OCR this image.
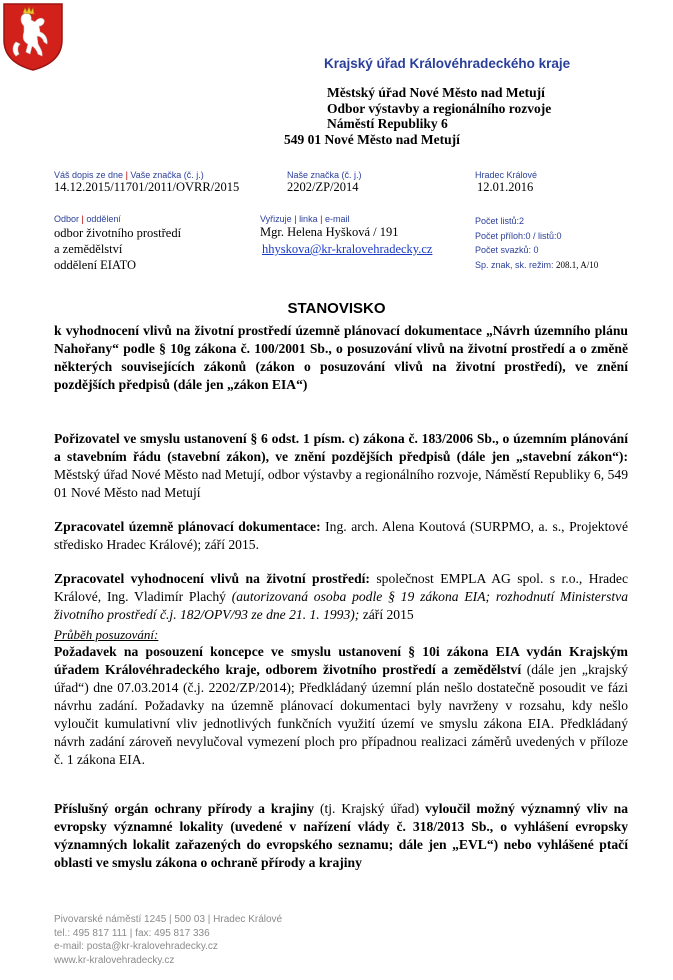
Krajský úřad Královéhradeckého kraje
Městský úřad Nové Město nad Metují
Odbor výstavby a regionálního rozvoje
Náměstí Republiky 6
549 01 Nové Město nad Metují
Váš dopis ze dne | Vaše značka (č. j.)
14.12.2015/11701/2011/OVRR/2015
Naše značka (č. j.)
2202/ZP/2014
Hradec Králové
12.01.2016
Odbor | oddělení
odbor životního prostředí
a zemědělství
oddělení EIATO
Vyřizuje | linka | e-mail
Mgr. Helena Hyšková / 191
hhyskova@kr-kralovehradecky.cz
Počet listů:2
Počet příloh:0 / listů:0
Počet svazků: 0
Sp. znak, sk. režim: 208.1, A/10
STANOVISKO
k vyhodnocení vlivů na životní prostředí územně plánovací dokumentace „Návrh územního plánu Nahořany“ podle § 10g zákona č. 100/2001 Sb., o posuzování vlivů na životní prostředí a o změně některých souvisejících zákonů (zákon o posuzování vlivů na životní prostředí), ve znění pozdějších předpisů (dále jen „zákon EIA“)
Pořizovatel ve smyslu ustanovení § 6 odst. 1 písm. c) zákona č. 183/2006 Sb., o územním plánování a stavebním řádu (stavební zákon), ve znění pozdějších předpisů (dále jen „stavební zákon“): Městský úřad Nové Město nad Metují, odbor výstavby a regionálního rozvoje, Náměstí Republiky 6, 549 01 Nové Město nad Metují
Zpracovatel územně plánovací dokumentace: Ing. arch. Alena Koutová (SURPMO, a. s., Projektové středisko Hradec Králové); září 2015.
Zpracovatel vyhodnocení vlivů na životní prostředí: společnost EMPLA AG spol. s r.o., Hradec Králové, Ing. Vladimír Plachý (autorizovaná osoba podle § 19 zákona EIA; rozhodnutí Ministerstva životního prostředí č.j. 182/OPV/93 ze dne 21. 1. 1993); září 2015
Průběh posuzování:
Požadavek na posouzení koncepce ve smyslu ustanovení § 10i zákona EIA vydán Krajským úřadem Královéhradeckého kraje, odborem životního prostředí a zemědělství (dále jen „krajský úřad“) dne 07.03.2014 (č.j. 2202/ZP/2014); Předkládaný územní plán nešlo dostatečně posoudit ve fázi návrhu zadání. Požadavky na územně plánovací dokumentaci byly navrženy v rozsahu, kdy nešlo vyloučit kumulativní vliv jednotlivých funkčních využití území ve smyslu zákona EIA. Předkládaný návrh zadání zároveň nevylučoval vymezení ploch pro případnou realizaci záměrů uvedených v příloze č. 1 zákona EIA.
Příslušný orgán ochrany přírody a krajiny (tj. Krajský úřad) vyloučil možný významný vliv na evropsky významné lokality (uvedené v nařízení vlády č. 318/2013 Sb., o vyhlášení evropsky významných lokalit zařazených do evropského seznamu; dále jen „EVL“) nebo vyhlášené ptačí oblasti ve smyslu zákona o ochraně přírody a krajiny
Pivovarské náměstí 1245 | 500 03 | Hradec Králové
tel.: 495 817 111 | fax: 495 817 336
e-mail: posta@kr-kralovehradecky.cz
www.kr-kralovehradecky.cz
